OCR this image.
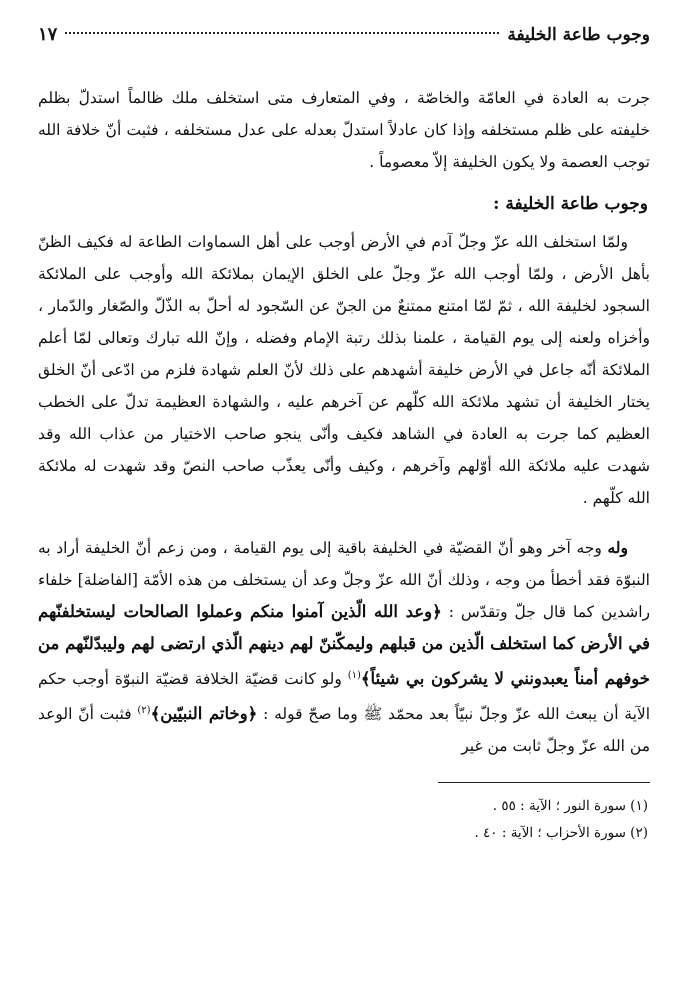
وجوب طاعة الخليفة
١٧

جرت به العادة في العامّة والخاصّة ، وفي المتعارف متى استخلف ملك ظالماً استدلّ بظلم خليفته على ظلم مستخلفه وإذا كان عادلاً استدلّ بعدله على عدل مستخلفه ، فثبت أنّ خلافة الله توجب العصمة ولا يكون الخليفة إلاّ معصوماً .

وجوب طاعة الخليفة :

ولمّا استخلف الله عزّ وجلّ آدم في الأرض أوجب على أهل السماوات الطاعة له فكيف الظنّ بأهل الأرض ، ولمّا أوجب الله عزّ وجلّ على الخلق الإيمان بملائكة الله وأوجب على الملائكة السجود لخليفة الله ، ثمّ لمّا امتنع ممتنعٌ من الجنّ عن السّجود له أحلّ به الذّلّ والصّغار والدّمار ، وأخزاه ولعنه إلى يوم القيامة ، علمنا بذلك رتبة الإمام وفضله ، وإنّ الله تبارك وتعالى لمّا أعلم الملائكة أنّه جاعل في الأرض خليفة أشهدهم على ذلك لأنّ العلم شهادة فلزم من ادّعى أنّ الخلق يختار الخليفة أن تشهد ملائكة الله كلّهم عن آخرهم عليه ، والشهادة العظيمة تدلّ على الخطب العظيم كما جرت به العادة في الشاهد فكيف وأنّى ينجو صاحب الاختيار من عذاب الله وقد شهدت عليه ملائكة الله أوّلهم وآخرهم ، وكيف وأنّى يعذّب صاحب النصّ وقد شهدت له ملائكة الله كلّهم .

وله وجه آخر وهو أنّ القضيّة في الخليفة باقية إلى يوم القيامة ، ومن زعم أنّ الخليفة أراد به النبوّة فقد أخطأ من وجه ، وذلك أنّ الله عزّ وجلّ وعد أن يستخلف من هذه الأمّة [الفاضلة] خلفاء راشدين كما قال جلّ وتقدّس : ﴿وعد الله الّذين آمنوا منكم وعملوا الصالحات ليستخلفنّهم في الأرض كما استخلف الّذين من قبلهم وليمكّننّ لهم دينهم الّذي ارتضى لهم وليبدّلنّهم من خوفهم أمناً يعبدونني لا يشركون بي شيئاً﴾$^{(١)}$ ولو كانت قضيّة الخلافة قضيّة النبوّة أوجب حكم الآية أن يبعث الله عزّ وجلّ نبيّاً بعد محمّد ﷺ وما صحّ قوله : ﴿وخاتم النبيّين﴾$^{(٢)}$ فثبت أنّ الوعد من الله عزّ وجلّ ثابت من غير

(١) سورة النور ؛ الآية : ٥٥ .
(٢) سورة الأحزاب ؛ الآية : ٤٠ .
